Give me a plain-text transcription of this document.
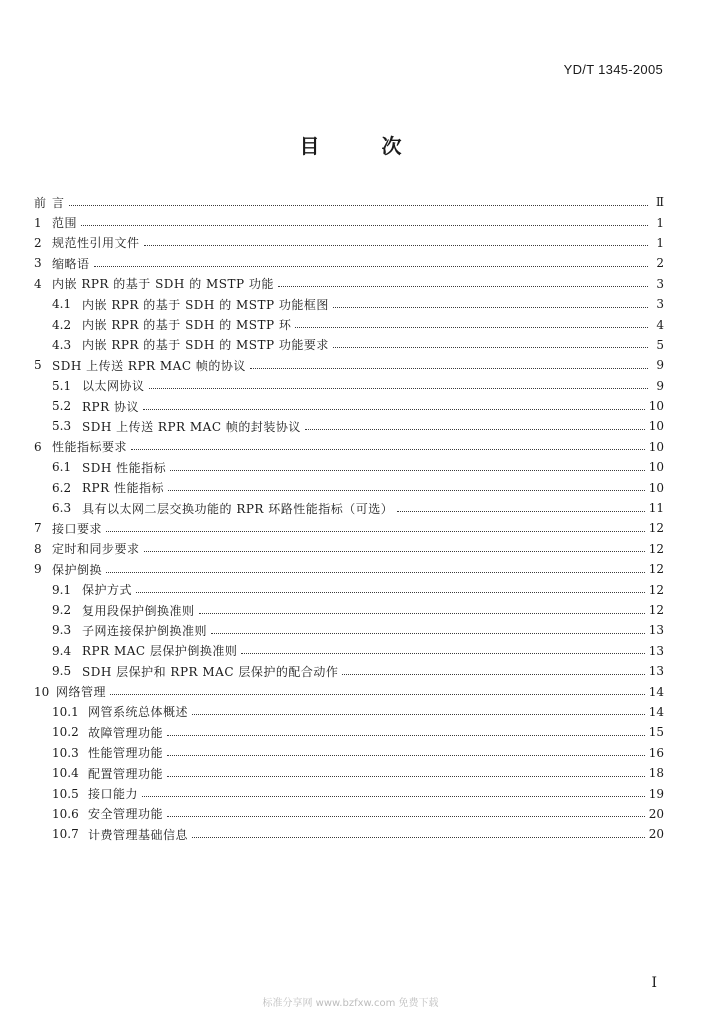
YD/T 1345-2005
目	次
前 言	Ⅱ
1 范围	1
2 规范性引用文件	1
3 缩略语	2
4 内嵌 RPR 的基于 SDH 的 MSTP 功能	3
4.1 内嵌 RPR 的基于 SDH 的 MSTP 功能框图	3
4.2 内嵌 RPR 的基于 SDH 的 MSTP 环	4
4.3 内嵌 RPR 的基于 SDH 的 MSTP 功能要求	5
5 SDH 上传送 RPR MAC 帧的协议	9
5.1 以太网协议	9
5.2 RPR 协议	10
5.3 SDH 上传送 RPR MAC 帧的封装协议	10
6 性能指标要求	10
6.1 SDH 性能指标	10
6.2 RPR 性能指标	10
6.3 具有以太网二层交换功能的 RPR 环路性能指标（可选）	11
7 接口要求	12
8 定时和同步要求	12
9 保护倒换	12
9.1 保护方式	12
9.2 复用段保护倒换准则	12
9.3 子网连接保护倒换准则	13
9.4 RPR MAC 层保护倒换准则	13
9.5 SDH 层保护和 RPR MAC 层保护的配合动作	13
10 网络管理	14
10.1 网管系统总体概述	14
10.2 故障管理功能	15
10.3 性能管理功能	16
10.4 配置管理功能	18
10.5 接口能力	19
10.6 安全管理功能	20
10.7 计费管理基础信息	20
I
标准分享网 www.bzfxw.com 免费下载
